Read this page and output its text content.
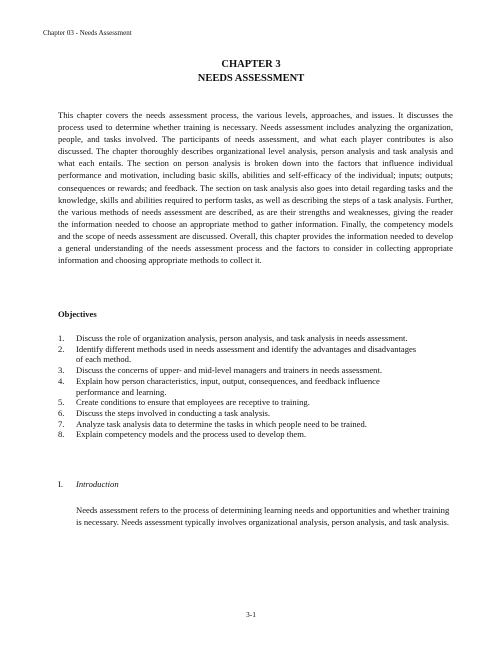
Chapter 03 - Needs Assessment
CHAPTER 3
NEEDS ASSESSMENT

This chapter covers the needs assessment process, the various levels, approaches, and issues. It discusses the process used to determine whether training is necessary. Needs assessment includes analyzing the organization, people, and tasks involved. The participants of needs assessment, and what each player contributes is also discussed. The chapter thoroughly describes organizational level analysis, person analysis and task analysis and what each entails. The section on person analysis is broken down into the factors that influence individual performance and motivation, including basic skills, abilities and self-efficacy of the individual; inputs; outputs; consequences or rewards; and feedback. The section on task analysis also goes into detail regarding tasks and the knowledge, skills and abilities required to perform tasks, as well as describing the steps of a task analysis. Further, the various methods of needs assessment are described, as are their strengths and weaknesses, giving the reader the information needed to choose an appropriate method to gather information. Finally, the competency models and the scope of needs assessment are discussed. Overall, this chapter provides the information needed to develop a general understanding of the needs assessment process and the factors to consider in collecting appropriate information and choosing appropriate methods to collect it.

Objectives
1.	Discuss the role of organization analysis, person analysis, and task analysis in needs assessment.
2.	Identify different methods used in needs assessment and identify the advantages and disadvantages of each method.
3.	Discuss the concerns of upper- and mid-level managers and trainers in needs assessment.
4.	Explain how person characteristics, input, output, consequences, and feedback influence performance and learning.
5.	Create conditions to ensure that employees are receptive to training.
6.	Discuss the steps involved in conducting a task analysis.
7.	Analyze task analysis data to determine the tasks in which people need to be trained.
8.	Explain competency models and the process used to develop them.
I.	Introduction

Needs assessment refers to the process of determining learning needs and opportunities and whether training is necessary. Needs assessment typically involves organizational analysis, person analysis, and task analysis.

3-1
